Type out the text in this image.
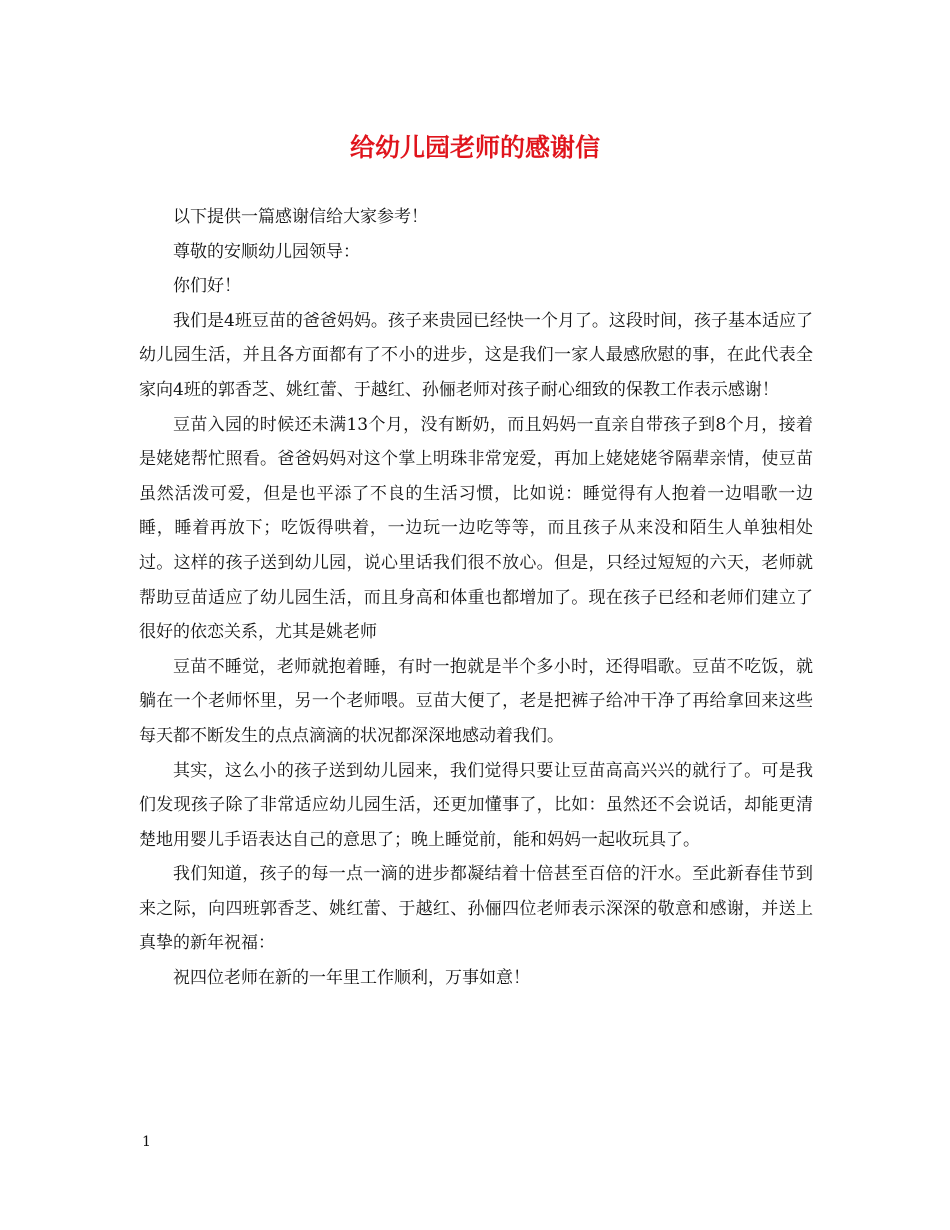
给幼儿园老师的感谢信

以下提供一篇感谢信给大家参考！

尊敬的安顺幼儿园领导：

你们好！

我们是4班豆苗的爸爸妈妈。孩子来贵园已经快一个月了。这段时间，孩子基本适应了幼儿园生活，并且各方面都有了不小的进步，这是我们一家人最感欣慰的事，在此代表全家向4班的郭香芝、姚红蕾、于越红、孙俪老师对孩子耐心细致的保教工作表示感谢！

豆苗入园的时候还未满13个月，没有断奶，而且妈妈一直亲自带孩子到8个月，接着是姥姥帮忙照看。爸爸妈妈对这个掌上明珠非常宠爱，再加上姥姥姥爷隔辈亲情，使豆苗虽然活泼可爱，但是也平添了不良的生活习惯，比如说：睡觉得有人抱着一边唱歌一边睡，睡着再放下；吃饭得哄着，一边玩一边吃等等，而且孩子从来没和陌生人单独相处过。这样的孩子送到幼儿园，说心里话我们很不放心。但是，只经过短短的六天，老师就帮助豆苗适应了幼儿园生活，而且身高和体重也都增加了。现在孩子已经和老师们建立了很好的依恋关系，尤其是姚老师

豆苗不睡觉，老师就抱着睡，有时一抱就是半个多小时，还得唱歌。豆苗不吃饭，就躺在一个老师怀里，另一个老师喂。豆苗大便了，老是把裤子给冲干净了再给拿回来这些每天都不断发生的点点滴滴的状况都深深地感动着我们。

其实，这么小的孩子送到幼儿园来，我们觉得只要让豆苗高高兴兴的就行了。可是我们发现孩子除了非常适应幼儿园生活，还更加懂事了，比如：虽然还不会说话，却能更清楚地用婴儿手语表达自己的意思了；晚上睡觉前，能和妈妈一起收玩具了。

我们知道，孩子的每一点一滴的进步都凝结着十倍甚至百倍的汗水。至此新春佳节到来之际，向四班郭香芝、姚红蕾、于越红、孙俪四位老师表示深深的敬意和感谢，并送上真挚的新年祝福：

祝四位老师在新的一年里工作顺利，万事如意！

1
